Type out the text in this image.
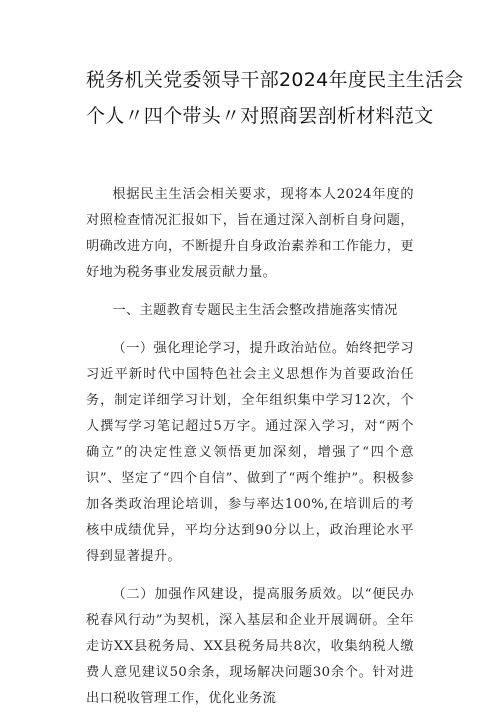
税务机关党委领导干部2024年度民主生活会
个人〃四个带头〃对照商罢剖析材料范文

根据民主生活会相关要求，现将本人2024年度的对照检查情况汇报如下，旨在通过深入剖析自身问题，明确改进方向，不断提升自身政治素养和工作能力，更好地为税务事业发展贡献力量。

一、主题教育专题民主生活会整改措施落实情况

（一）强化理论学习，提升政治站位。始终把学习习近平新时代中国特色社会主义思想作为首要政治任务，制定详细学习计划，全年组织集中学习12次，个人撰写学习笔记超过5万字。通过深入学习，对“两个确立”的决定性意义领悟更加深刻，增强了“四个意识”、坚定了“四个自信”、做到了“两个维护”。积极参加各类政治理论培训，参与率达100%,在培训后的考核中成绩优异，平均分达到90分以上，政治理论水平得到显著提升。

（二）加强作风建设，提高服务质效。以“便民办税春风行动”为契机，深入基层和企业开展调研。全年走访XX县税务局、XX县税务局共8次，收集纳税人缴费人意见建议50余条，现场解决问题30余个。针对进出口税收管理工作，优化业务流
